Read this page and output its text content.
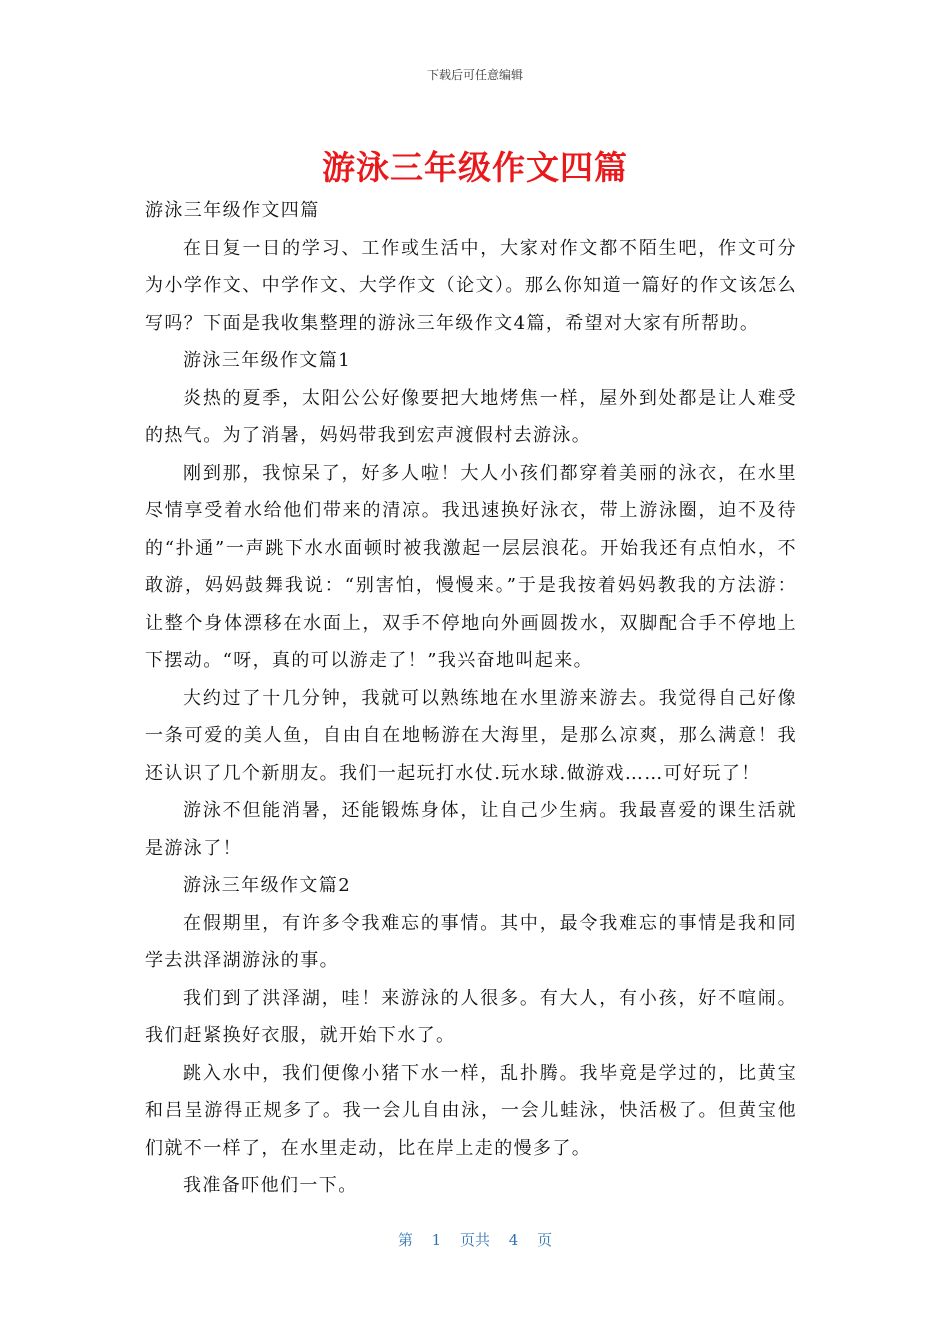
下载后可任意编辑
游泳三年级作文四篇

游泳三年级作文四篇

在日复一日的学习、工作或生活中，大家对作文都不陌生吧，作文可分为小学作文、中学作文、大学作文（论文）。那么你知道一篇好的作文该怎么写吗？下面是我收集整理的游泳三年级作文4篇，希望对大家有所帮助。

游泳三年级作文篇1

炎热的夏季，太阳公公好像要把大地烤焦一样，屋外到处都是让人难受的热气。为了消暑，妈妈带我到宏声渡假村去游泳。

刚到那，我惊呆了，好多人啦！大人小孩们都穿着美丽的泳衣，在水里尽情享受着水给他们带来的清凉。我迅速换好泳衣，带上游泳圈，迫不及待的“扑通”一声跳下水水面顿时被我激起一层层浪花。开始我还有点怕水，不敢游，妈妈鼓舞我说：“别害怕，慢慢来。”于是我按着妈妈教我的方法游：让整个身体漂移在水面上，双手不停地向外画圆拨水，双脚配合手不停地上下摆动。“呀，真的可以游走了！”我兴奋地叫起来。

大约过了十几分钟，我就可以熟练地在水里游来游去。我觉得自己好像一条可爱的美人鱼，自由自在地畅游在大海里，是那么凉爽，那么满意！我还认识了几个新朋友。我们一起玩打水仗.玩水球.做游戏……可好玩了！

游泳不但能消暑，还能锻炼身体，让自己少生病。我最喜爱的课生活就是游泳了！

游泳三年级作文篇2

在假期里，有许多令我难忘的事情。其中，最令我难忘的事情是我和同学去洪泽湖游泳的事。

我们到了洪泽湖，哇！来游泳的人很多。有大人，有小孩，好不喧闹。我们赶紧换好衣服，就开始下水了。

跳入水中，我们便像小猪下水一样，乱扑腾。我毕竟是学过的，比黄宝和吕呈游得正规多了。我一会儿自由泳，一会儿蛙泳，快活极了。但黄宝他们就不一样了，在水里走动，比在岸上走的慢多了。

我准备吓他们一下。

第 1 页共 4 页
